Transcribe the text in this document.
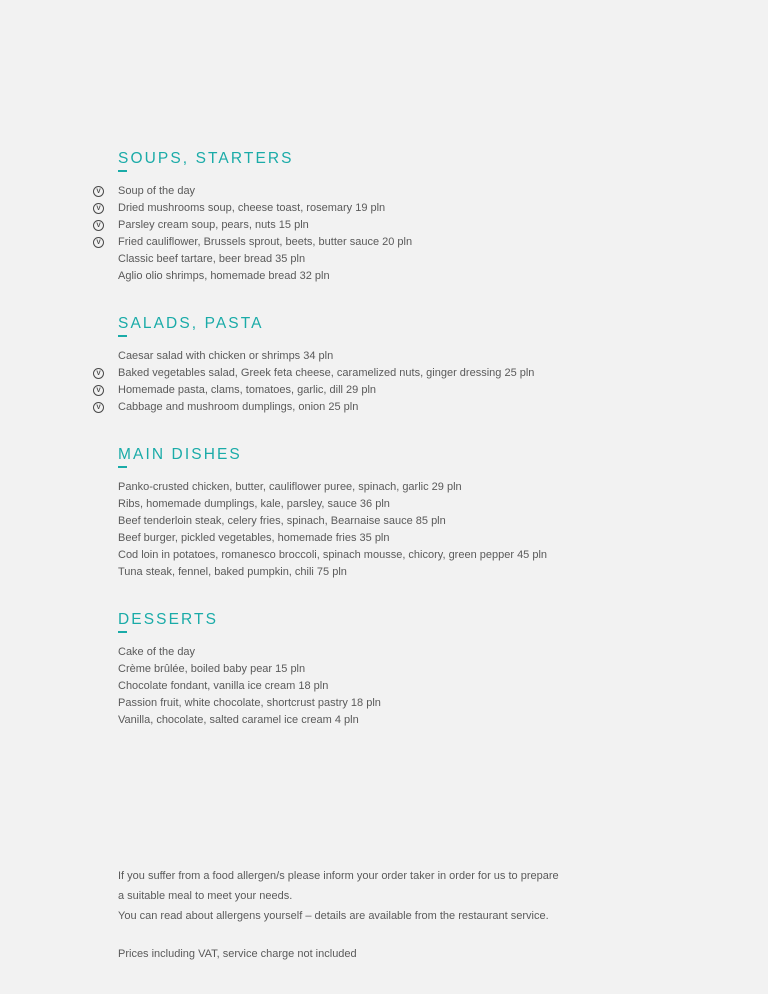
SOUPS, STARTERS
V	Soup of the day
V	Dried mushrooms soup, cheese toast, rosemary 19 pln
V	Parsley cream soup, pears, nuts 15 pln
V	Fried cauliflower, Brussels sprout, beets, butter sauce 20 pln
Classic beef tartare, beer bread 35 pln
Aglio olio shrimps, homemade bread 32 pln
SALADS, PASTA
Caesar salad with chicken or shrimps 34 pln
V	Baked vegetables salad, Greek feta cheese, caramelized nuts, ginger dressing 25 pln
V	Homemade pasta, clams, tomatoes, garlic, dill 29 pln
V	Cabbage and mushroom dumplings, onion 25 pln
MAIN DISHES
Panko-crusted chicken, butter, cauliflower puree, spinach, garlic 29 pln
Ribs, homemade dumplings, kale, parsley, sauce 36 pln
Beef tenderloin steak, celery fries, spinach, Bearnaise sauce 85 pln
Beef burger, pickled vegetables, homemade fries 35 pln
Cod loin in potatoes, romanesco broccoli, spinach mousse, chicory, green pepper 45 pln
Tuna steak, fennel, baked pumpkin, chili 75 pln
DESSERTS
Cake of the day
Crème brûlée, boiled baby pear 15 pln
Chocolate fondant, vanilla ice cream 18 pln
Passion fruit, white chocolate, shortcrust pastry 18 pln
Vanilla, chocolate, salted caramel ice cream 4 pln

If you suffer from a food allergen/s please inform your order taker in order for us to prepare

a suitable meal to meet your needs.

You can read about allergens yourself – details are available from the restaurant service.

Prices including VAT, service charge not included
